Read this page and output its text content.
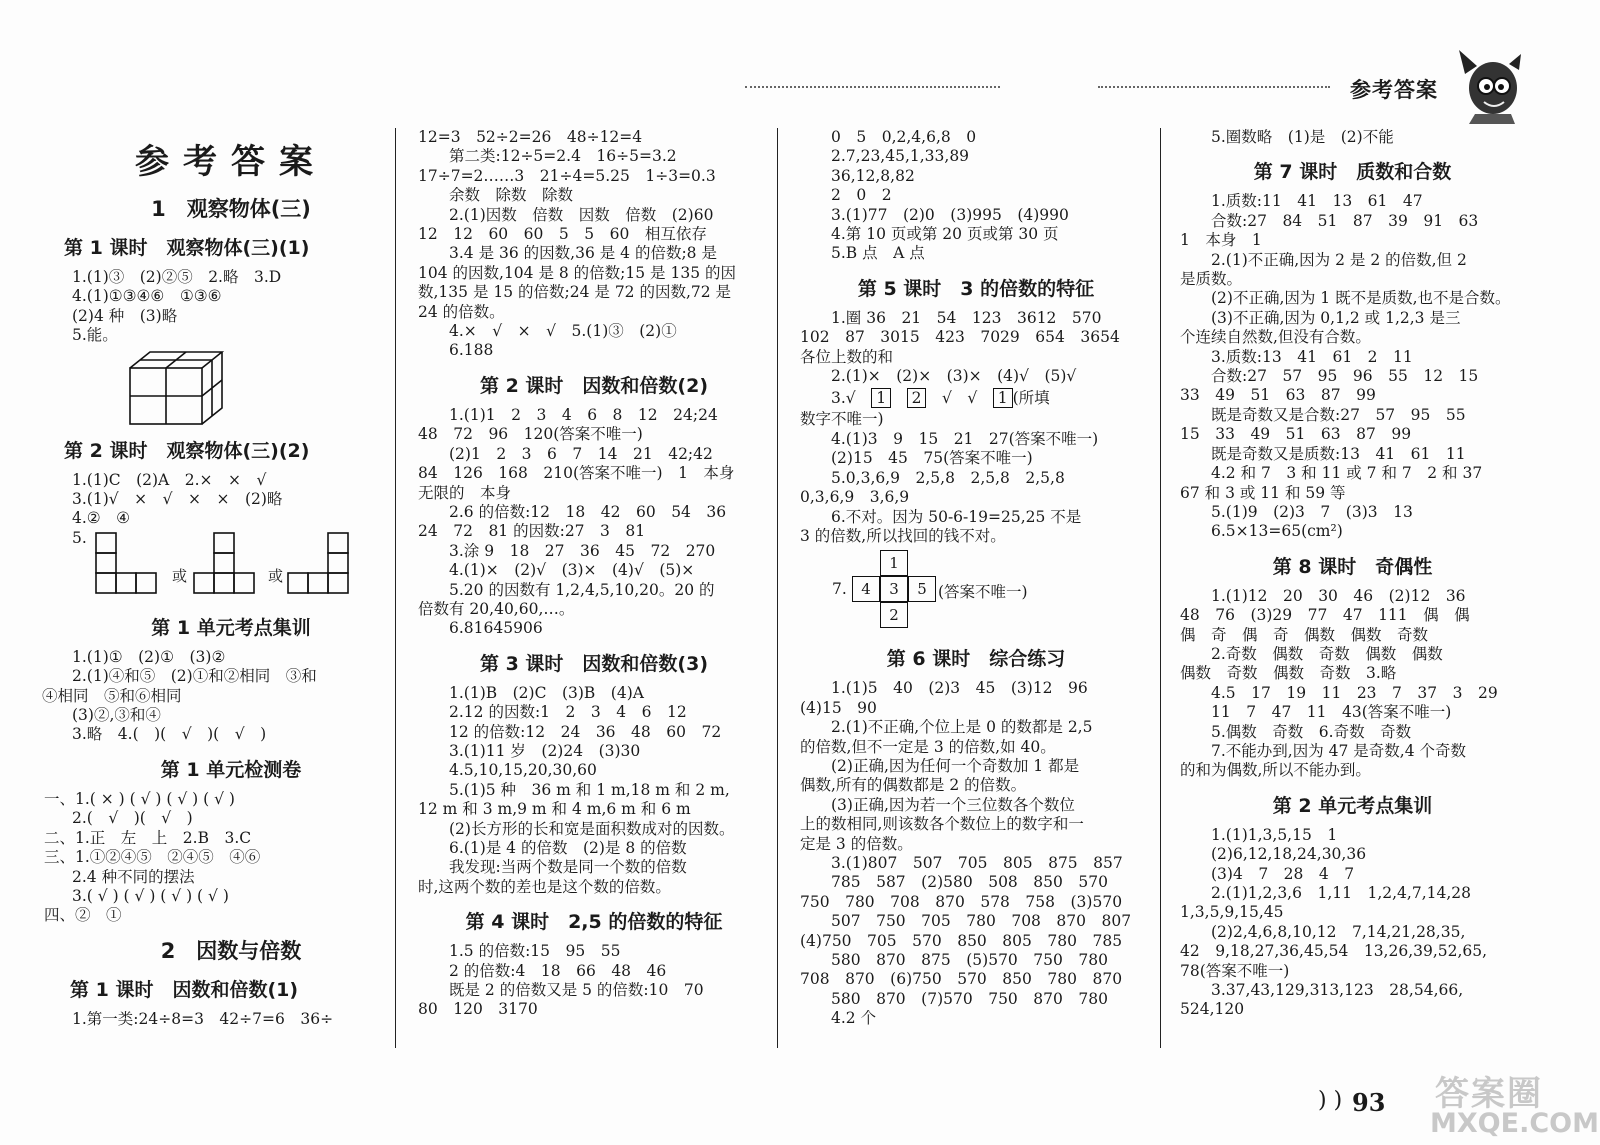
参考答案
参考答案
1　观察物体(三)
第 1 课时　观察物体(三)(1)

1.(1)③　(2)②⑤　2.略　3.D

4.(1)①③④⑥　①③⑥

(2)4 种　(3)略

5.能。

第 2 课时　观察物体(三)(2)

1.(1)C　(2)A　2.×　×　√

3.(1)√　×　√　×　×　(2)略

4.②　④

5.

或	或
第 1 单元考点集训

1.(1)①　(2)①　(3)②

2.(1)④和⑤　(2)①和②相同　③和

④相同　⑤和⑥相同

(3)②,③和④

3.略　4.(　)(　√　)(　√　)

第 1 单元检测卷

一、1.( × ) ( √ ) ( √ ) ( √ )

2.(　√　)(　√　)

二、1.正　左　上　2.B　3.C

三、1.①②④⑤　②④⑤　④⑥

2.4 种不同的摆法

3.( √ ) ( √ ) ( √ ) ( √ )

四、②　①

2　因数与倍数
第 1 课时　因数和倍数(1)

1.第一类:24÷8=3　42÷7=6　36÷

12=3　52÷2=26　48÷12=4

第二类:12÷5=2.4　16÷5=3.2

17÷7=2……3　21÷4=5.25　1÷3=0.3

余数　除数　除数

2.(1)因数　倍数　因数　倍数　(2)60

12　12　60　60　5　5　60　相互依存

3.4 是 36 的因数,36 是 4 的倍数;8 是

104 的因数,104 是 8 的倍数;15 是 135 的因

数,135 是 15 的倍数;24 是 72 的因数,72 是

24 的倍数。

4.×　√　×　√　5.(1)③　(2)①

6.188

第 2 课时　因数和倍数(2)

1.(1)1　2　3　4　6　8　12　24;24

48　72　96　120(答案不唯一)

(2)1　2　3　6　7　14　21　42;42

84　126　168　210(答案不唯一)　1　本身

无限的　本身

2.6 的倍数:12　18　42　60　54　36

24　72　81 的因数:27　3　81

3.涂 9　18　27　36　45　72　270

4.(1)×　(2)√　(3)×　(4)√　(5)×

5.20 的因数有 1,2,4,5,10,20。20 的

倍数有 20,40,60,…。

6.81645906

第 3 课时　因数和倍数(3)

1.(1)B　(2)C　(3)B　(4)A

2.12 的因数:1　2　3　4　6　12

12 的倍数:12　24　36　48　60　72

3.(1)11 岁　(2)24　(3)30

4.5,10,15,20,30,60

5.(1)5 种　36 m 和 1 m,18 m 和 2 m,

12 m 和 3 m,9 m 和 4 m,6 m 和 6 m

(2)长方形的长和宽是面积数成对的因数。

6.(1)是 4 的倍数　(2)是 8 的倍数

我发现:当两个数是同一个数的倍数

时,这两个数的差也是这个数的倍数。

第 4 课时　2,5 的倍数的特征

1.5 的倍数:15　95　55

2 的倍数:4　18　66　48　46

既是 2 的倍数又是 5 的倍数:10　70

80　120　3170

0　5　0,2,4,6,8　0

2.7,23,45,1,33,89

36,12,8,82

2　0　2

3.(1)77　(2)0　(3)995　(4)990

4.第 10 页或第 20 页或第 30 页

5.B 点　A 点

第 5 课时　3 的倍数的特征

1.圈 36　21　54　123　3612　570

102　87　3015　423　7029　654　3654

各位上数的和

2.(1)×　(2)×　(3)×　(4)√　(5)√

3.√　 1　 2　 √　√　 1 (所填

数字不唯一)

4.(1)3　9　15　21　27(答案不唯一)

(2)15　45　75(答案不唯一)

5.0,3,6,9　2,5,8　2,5,8　2,5,8

0,3,6,9　3,6,9

6.不对。因为 50-6-19=25,25 不是

3 的倍数,所以找回的钱不对。

7.
1
4	3	5
2
(答案不唯一)
第 6 课时　综合练习

1.(1)5　40　(2)3　45　(3)12　96

(4)15　90

2.(1)不正确,个位上是 0 的数都是 2,5

的倍数,但不一定是 3 的倍数,如 40。

(2)正确,因为任何一个奇数加 1 都是

偶数,所有的偶数都是 2 的倍数。

(3)正确,因为若一个三位数各个数位

上的数相同,则该数各个数位上的数字和一

定是 3 的倍数。

3.(1)807　507　705　805　875　857

785　587　(2)580　508　850　570

750　780　708　870　578　758　(3)570

507　750　705　780　708　870　807

(4)750　705　570　850　805　780　785

580　870　875　(5)570　750　780

708　870　(6)750　570　850　780　870

580　870　(7)570　750　870　780

4.2 个

5.圈数略　(1)是　(2)不能

第 7 课时　质数和合数

1.质数:11　41　13　61　47

合数:27　84　51　87　39　91　63

1　本身　1

2.(1)不正确,因为 2 是 2 的倍数,但 2

是质数。

(2)不正确,因为 1 既不是质数,也不是合数。

(3)不正确,因为 0,1,2 或 1,2,3 是三

个连续自然数,但没有合数。

3.质数:13　41　61　2　11

合数:27　57　95　96　55　12　15

33　49　51　63　87　99

既是奇数又是合数:27　57　95　55

15　33　49　51　63　87　99

既是奇数又是质数:13　41　61　11

4.2 和 7　3 和 11 或 7 和 7　2 和 37

67 和 3 或 11 和 59 等

5.(1)9　(2)3　7　(3)3　13

6.5×13=65(cm²)

第 8 课时　奇偶性

1.(1)12　20　30　46　(2)12　36

48　76　(3)29　77　47　111　偶　偶

偶　奇　偶　奇　偶数　偶数　奇数

2.奇数　偶数　奇数　偶数　偶数

偶数　奇数　偶数　奇数　3.略

4.5　17　19　11　23　7　37　3　29

11　7　47　11　43(答案不唯一)

5.偶数　奇数　6.奇数　奇数

7.不能办到,因为 47 是奇数,4 个奇数

的和为偶数,所以不能办到。

第 2 单元考点集训

1.(1)1,3,5,15　1

(2)6,12,18,24,30,36

(3)4　7　28　4　7

2.(1)1,2,3,6　1,11　1,2,4,7,14,28

1,3,5,9,15,45

(2)2,4,6,8,10,12　7,14,21,28,35,

42　9,18,27,36,45,54　13,26,39,52,65,

78(答案不唯一)

3.37,43,129,313,123　28,54,66,

524,120

) ) 93 答案圈
MXQE.COM
